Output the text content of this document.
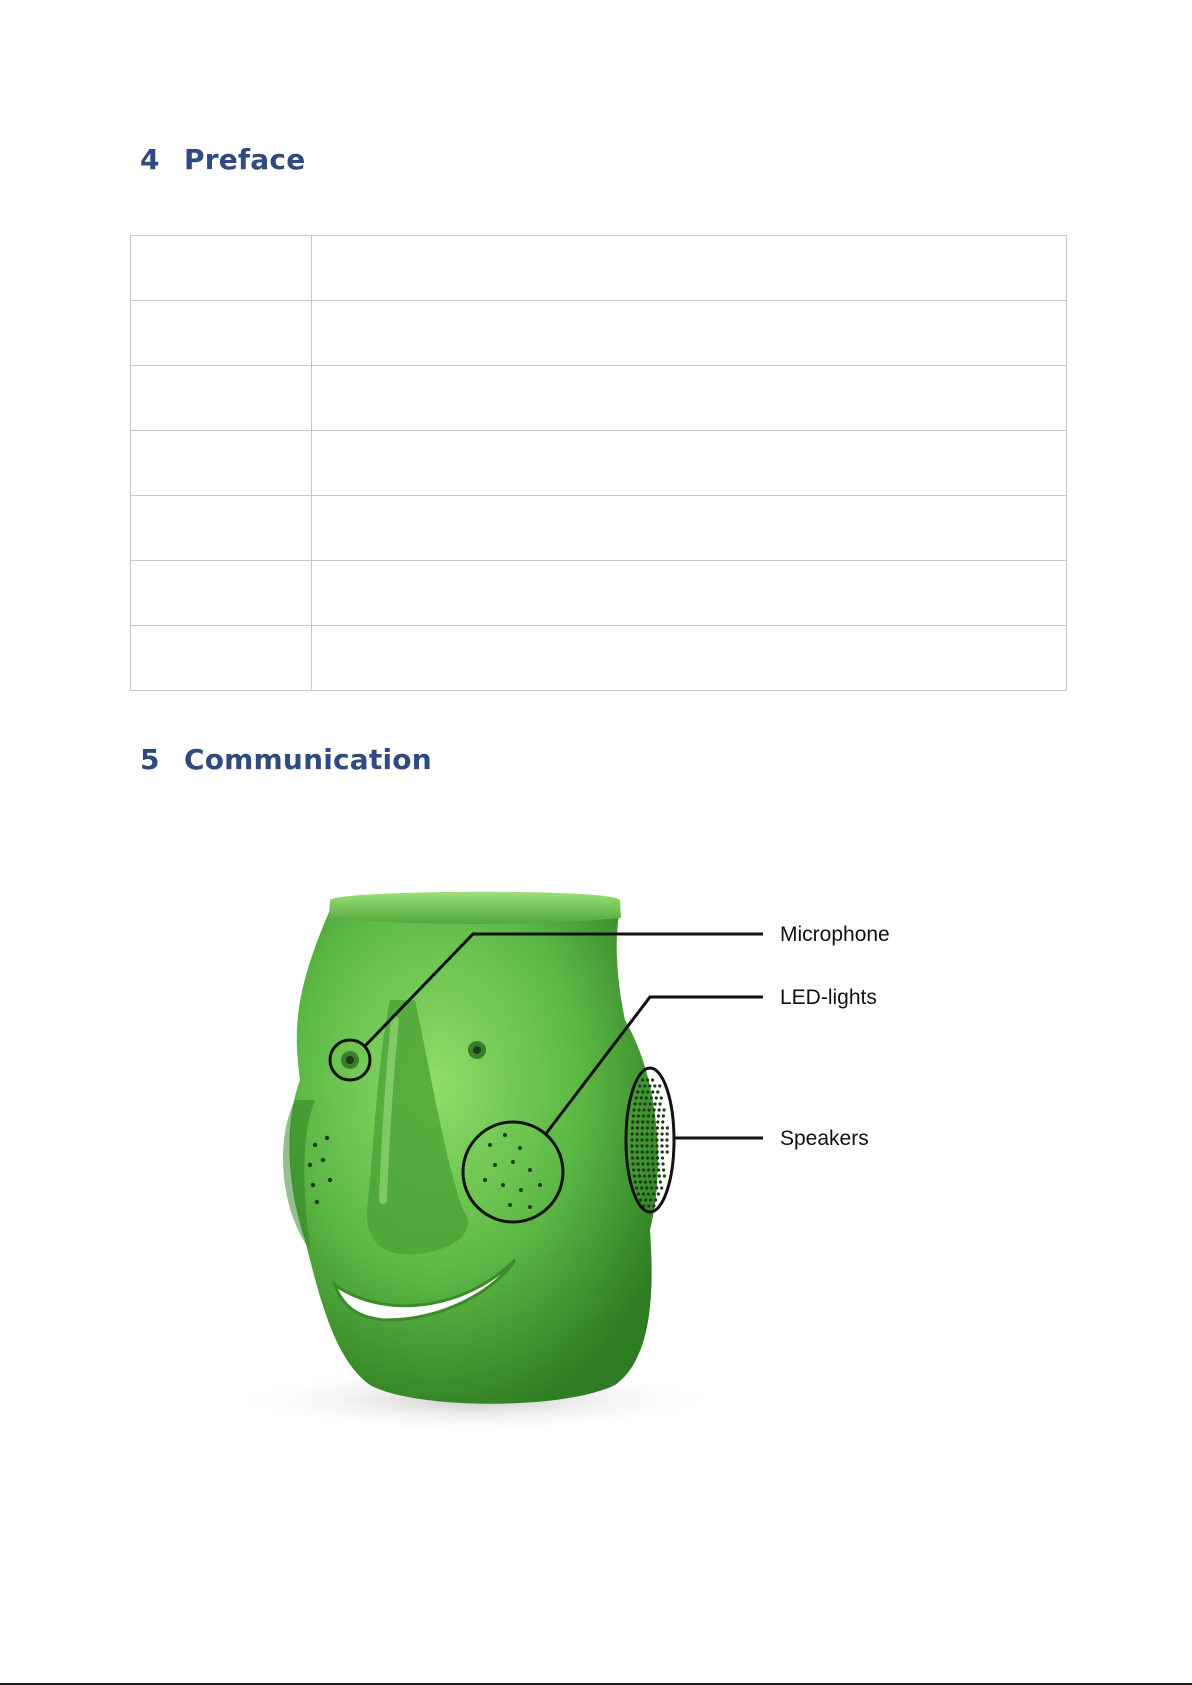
4 Preface

5 Communication
Microphone
LED-lights
Speakers
